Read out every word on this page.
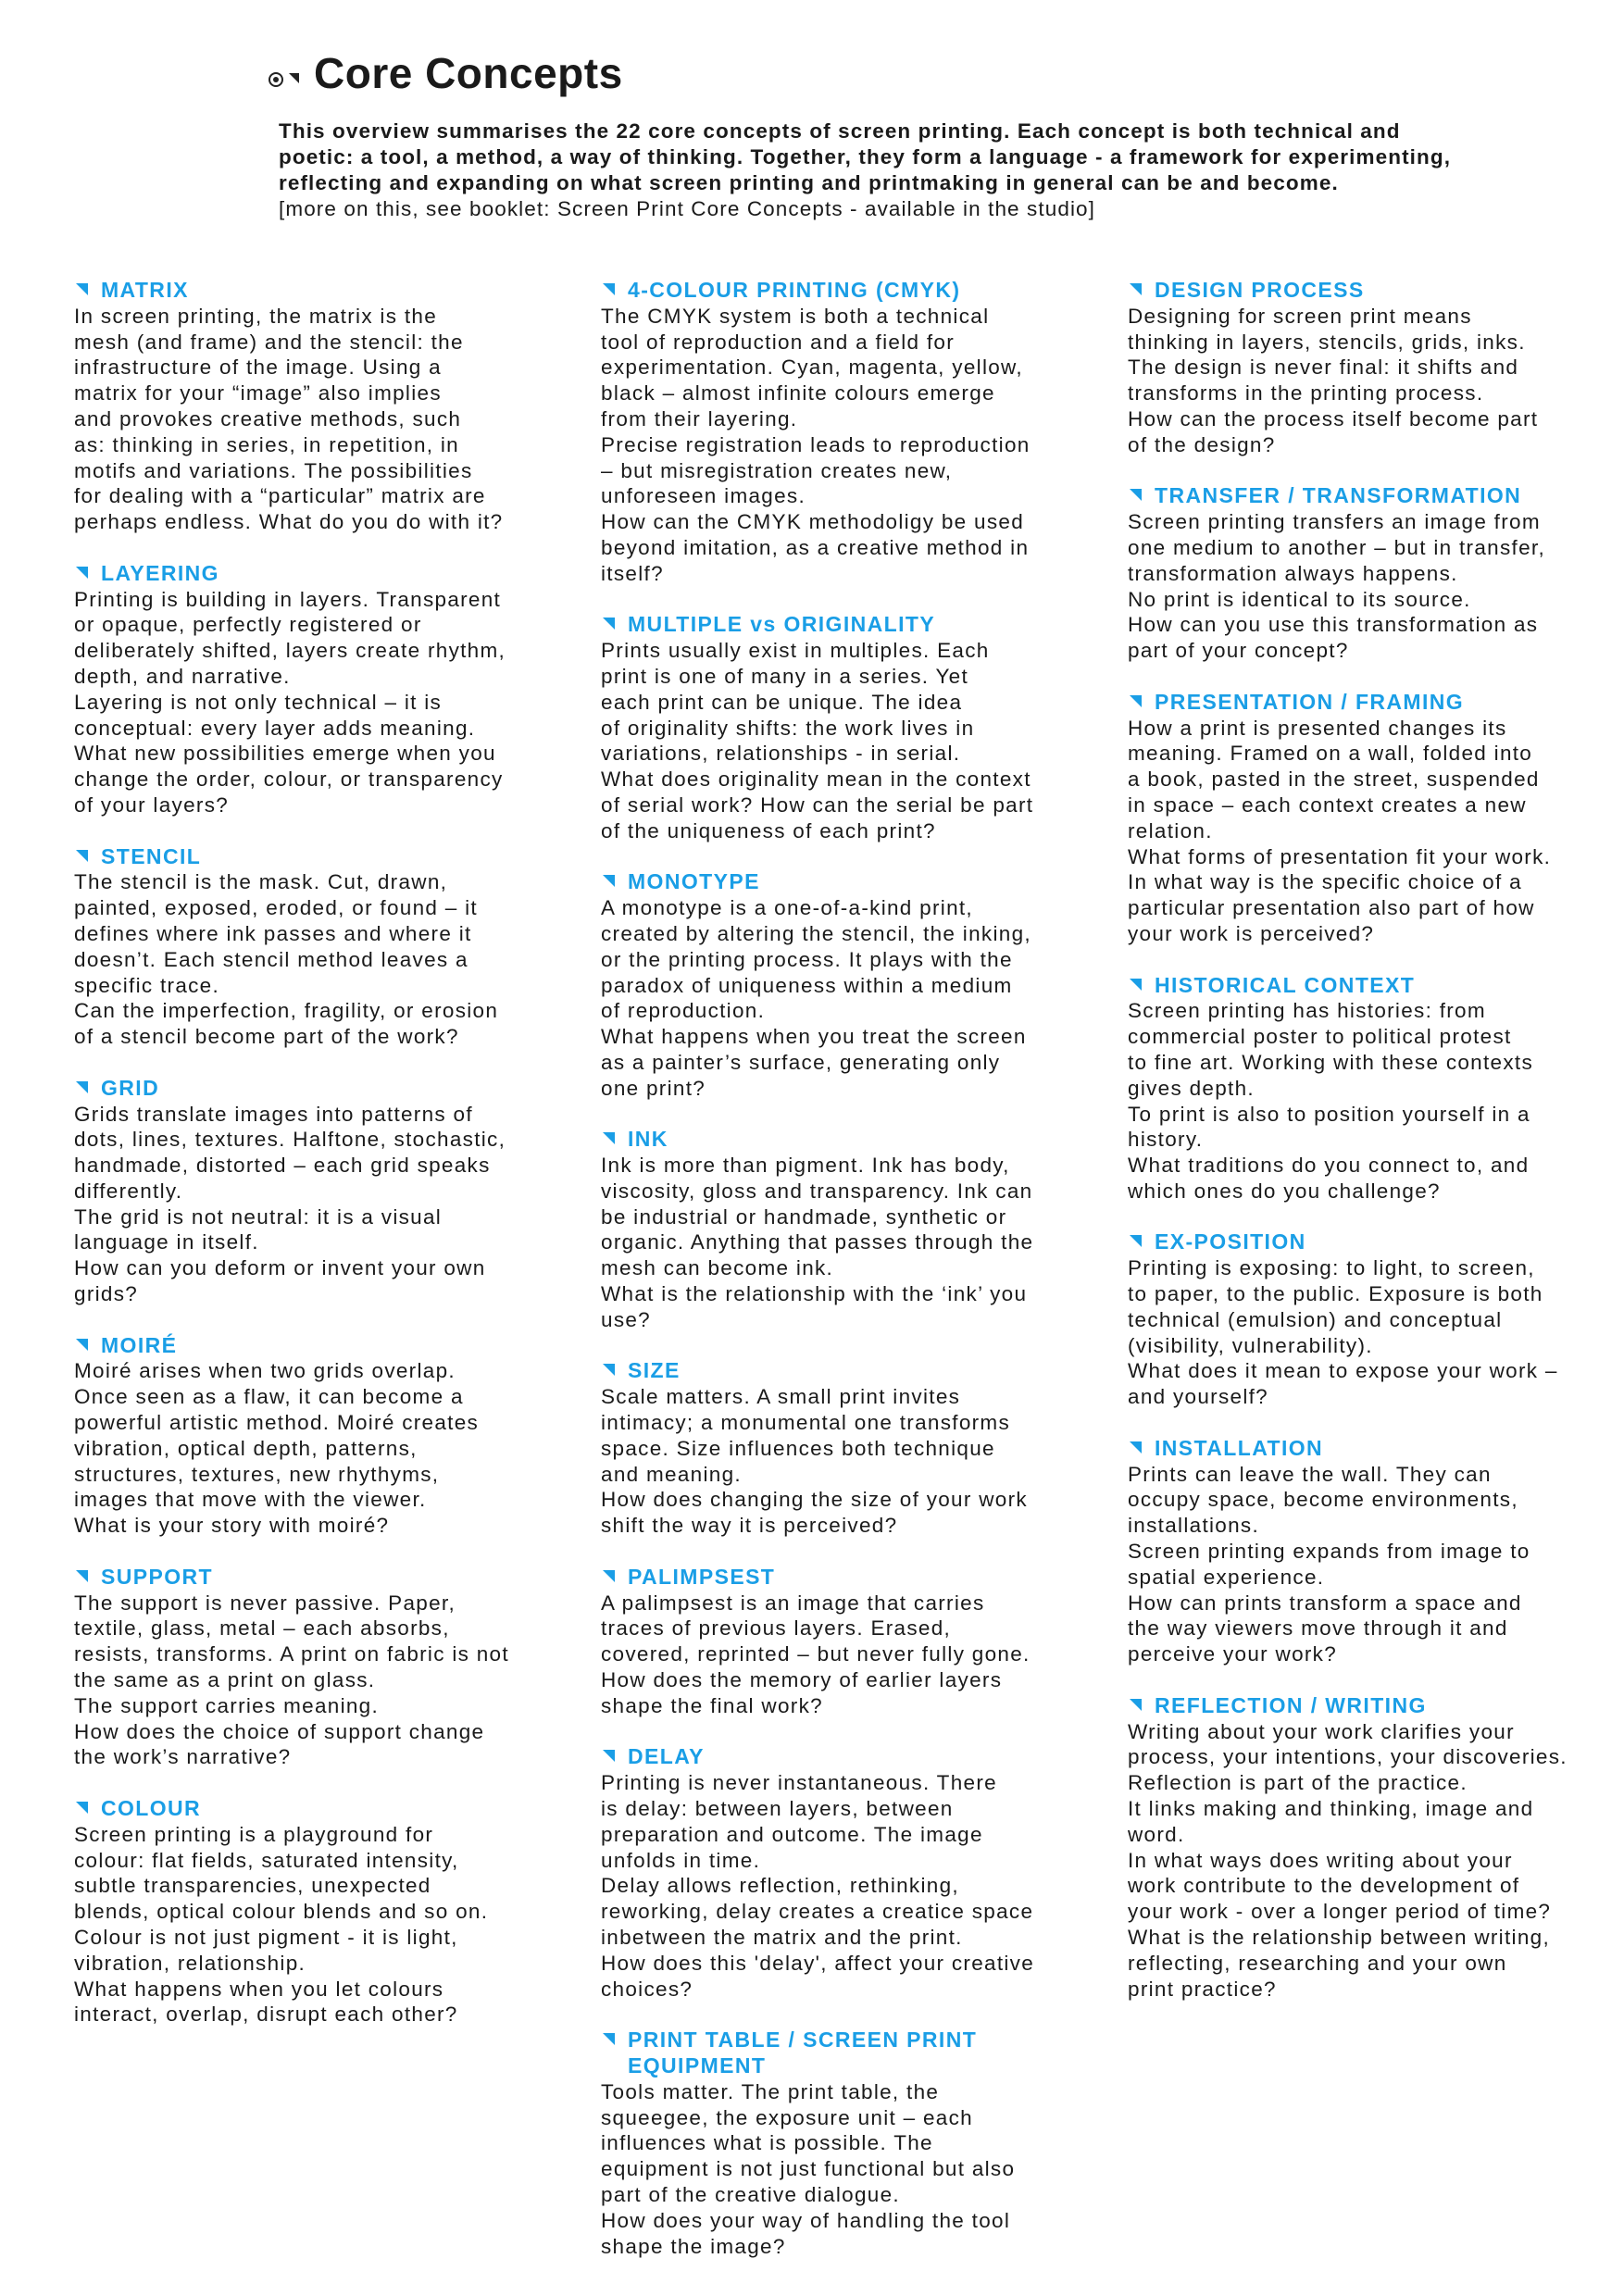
Core Concepts
This overview summarises the 22 core concepts of screen printing. Each concept is both technical and
poetic: a tool, a method, a way of thinking. Together, they form a language - a framework for experimenting,
reflecting and expanding on what screen printing and printmaking in general can be and become.
[more on this, see booklet: Screen Print Core Concepts - available in the studio]
MATRIX
In screen printing, the matrix is the
mesh (and frame) and the stencil: the
infrastructure of the image. Using a
matrix for your “image” also implies
and provokes creative methods, such
as: thinking in series, in repetition, in
motifs and variations. The possibilities
for dealing with a “particular” matrix are
perhaps endless. What do you do with it?
LAYERING
Printing is building in layers. Transparent
or opaque, perfectly registered or
deliberately shifted, layers create rhythm,
depth, and narrative.
Layering is not only technical – it is
conceptual: every layer adds meaning.
What new possibilities emerge when you
change the order, colour, or transparency
of your layers?
STENCIL
The stencil is the mask. Cut, drawn,
painted, exposed, eroded, or found – it
defines where ink passes and where it
doesn’t. Each stencil method leaves a
specific trace.
Can the imperfection, fragility, or erosion
of a stencil become part of the work?
GRID
Grids translate images into patterns of
dots, lines, textures. Halftone, stochastic,
handmade, distorted – each grid speaks
differently.
The grid is not neutral: it is a visual
language in itself.
How can you deform or invent your own
grids?
MOIRÉ
Moiré arises when two grids overlap.
Once seen as a flaw, it can become a
powerful artistic method. Moiré creates
vibration, optical depth, patterns,
structures, textures, new rhythyms,
images that move with the viewer.
What is your story with moiré?
SUPPORT
The support is never passive. Paper,
textile, glass, metal – each absorbs,
resists, transforms. A print on fabric is not
the same as a print on glass.
The support carries meaning.
How does the choice of support change
the work’s narrative?
COLOUR
Screen printing is a playground for
colour: flat fields, saturated intensity,
subtle transparencies, unexpected
blends, optical colour blends and so on.
Colour is not just pigment - it is light,
vibration, relationship.
What happens when you let colours
interact, overlap, disrupt each other?
4-COLOUR PRINTING (CMYK)
The CMYK system is both a technical
tool of reproduction and a field for
experimentation. Cyan, magenta, yellow,
black – almost infinite colours emerge
from their layering.
Precise registration leads to reproduction
– but misregistration creates new,
unforeseen images.
How can the CMYK methodoligy be used
beyond imitation, as a creative method in
itself?
MULTIPLE vs ORIGINALITY
Prints usually exist in multiples. Each
print is one of many in a series. Yet
each print can be unique. The idea
of originality shifts: the work lives in
variations, relationships - in serial.
What does originality mean in the context
of serial work? How can the serial be part
of the uniqueness of each print?
MONOTYPE
A monotype is a one-of-a-kind print,
created by altering the stencil, the inking,
or the printing process. It plays with the
paradox of uniqueness within a medium
of reproduction.
What happens when you treat the screen
as a painter’s surface, generating only
one print?
INK
Ink is more than pigment. Ink has body,
viscosity, gloss and transparency. Ink can
be industrial or handmade, synthetic or
organic. Anything that passes through the
mesh can become ink.
What is the relationship with the ‘ink’ you
use?
SIZE
Scale matters. A small print invites
intimacy; a monumental one transforms
space. Size influences both technique
and meaning.
How does changing the size of your work
shift the way it is perceived?
PALIMPSEST
A palimpsest is an image that carries
traces of previous layers. Erased,
covered, reprinted – but never fully gone.
How does the memory of earlier layers
shape the final work?
DELAY
Printing is never instantaneous. There
is delay: between layers, between
preparation and outcome. The image
unfolds in time.
Delay allows reflection, rethinking,
reworking, delay creates a creatice space
inbetween the matrix and the print.
How does this 'delay', affect your creative
choices?
PRINT TABLE / SCREEN PRINT
EQUIPMENT
Tools matter. The print table, the
squeegee, the exposure unit – each
influences what is possible. The
equipment is not just functional but also
part of the creative dialogue.
How does your way of handling the tool
shape the image?
DESIGN PROCESS
Designing for screen print means
thinking in layers, stencils, grids, inks.
The design is never final: it shifts and
transforms in the printing process.
How can the process itself become part
of the design?
TRANSFER / TRANSFORMATION
Screen printing transfers an image from
one medium to another – but in transfer,
transformation always happens.
No print is identical to its source.
How can you use this transformation as
part of your concept?
PRESENTATION / FRAMING
How a print is presented changes its
meaning. Framed on a wall, folded into
a book, pasted in the street, suspended
in space – each context creates a new
relation.
What forms of presentation fit your work.
In what way is the specific choice of a
particular presentation also part of how
your work is perceived?
HISTORICAL CONTEXT
Screen printing has histories: from
commercial poster to political protest
to fine art. Working with these contexts
gives depth.
To print is also to position yourself in a
history.
What traditions do you connect to, and
which ones do you challenge?
EX-POSITION
Printing is exposing: to light, to screen,
to paper, to the public. Exposure is both
technical (emulsion) and conceptual
(visibility, vulnerability).
What does it mean to expose your work –
and yourself?
INSTALLATION
Prints can leave the wall. They can
occupy space, become environments,
installations.
Screen printing expands from image to
spatial experience.
How can prints transform a space and
the way viewers move through it and
perceive your work?
REFLECTION / WRITING
Writing about your work clarifies your
process, your intentions, your discoveries.
Reflection is part of the practice.
It links making and thinking, image and
word.
In what ways does writing about your
work contribute to the development of
your work - over a longer period of time?
What is the relationship between writing,
reflecting, researching and your own
print practice?
